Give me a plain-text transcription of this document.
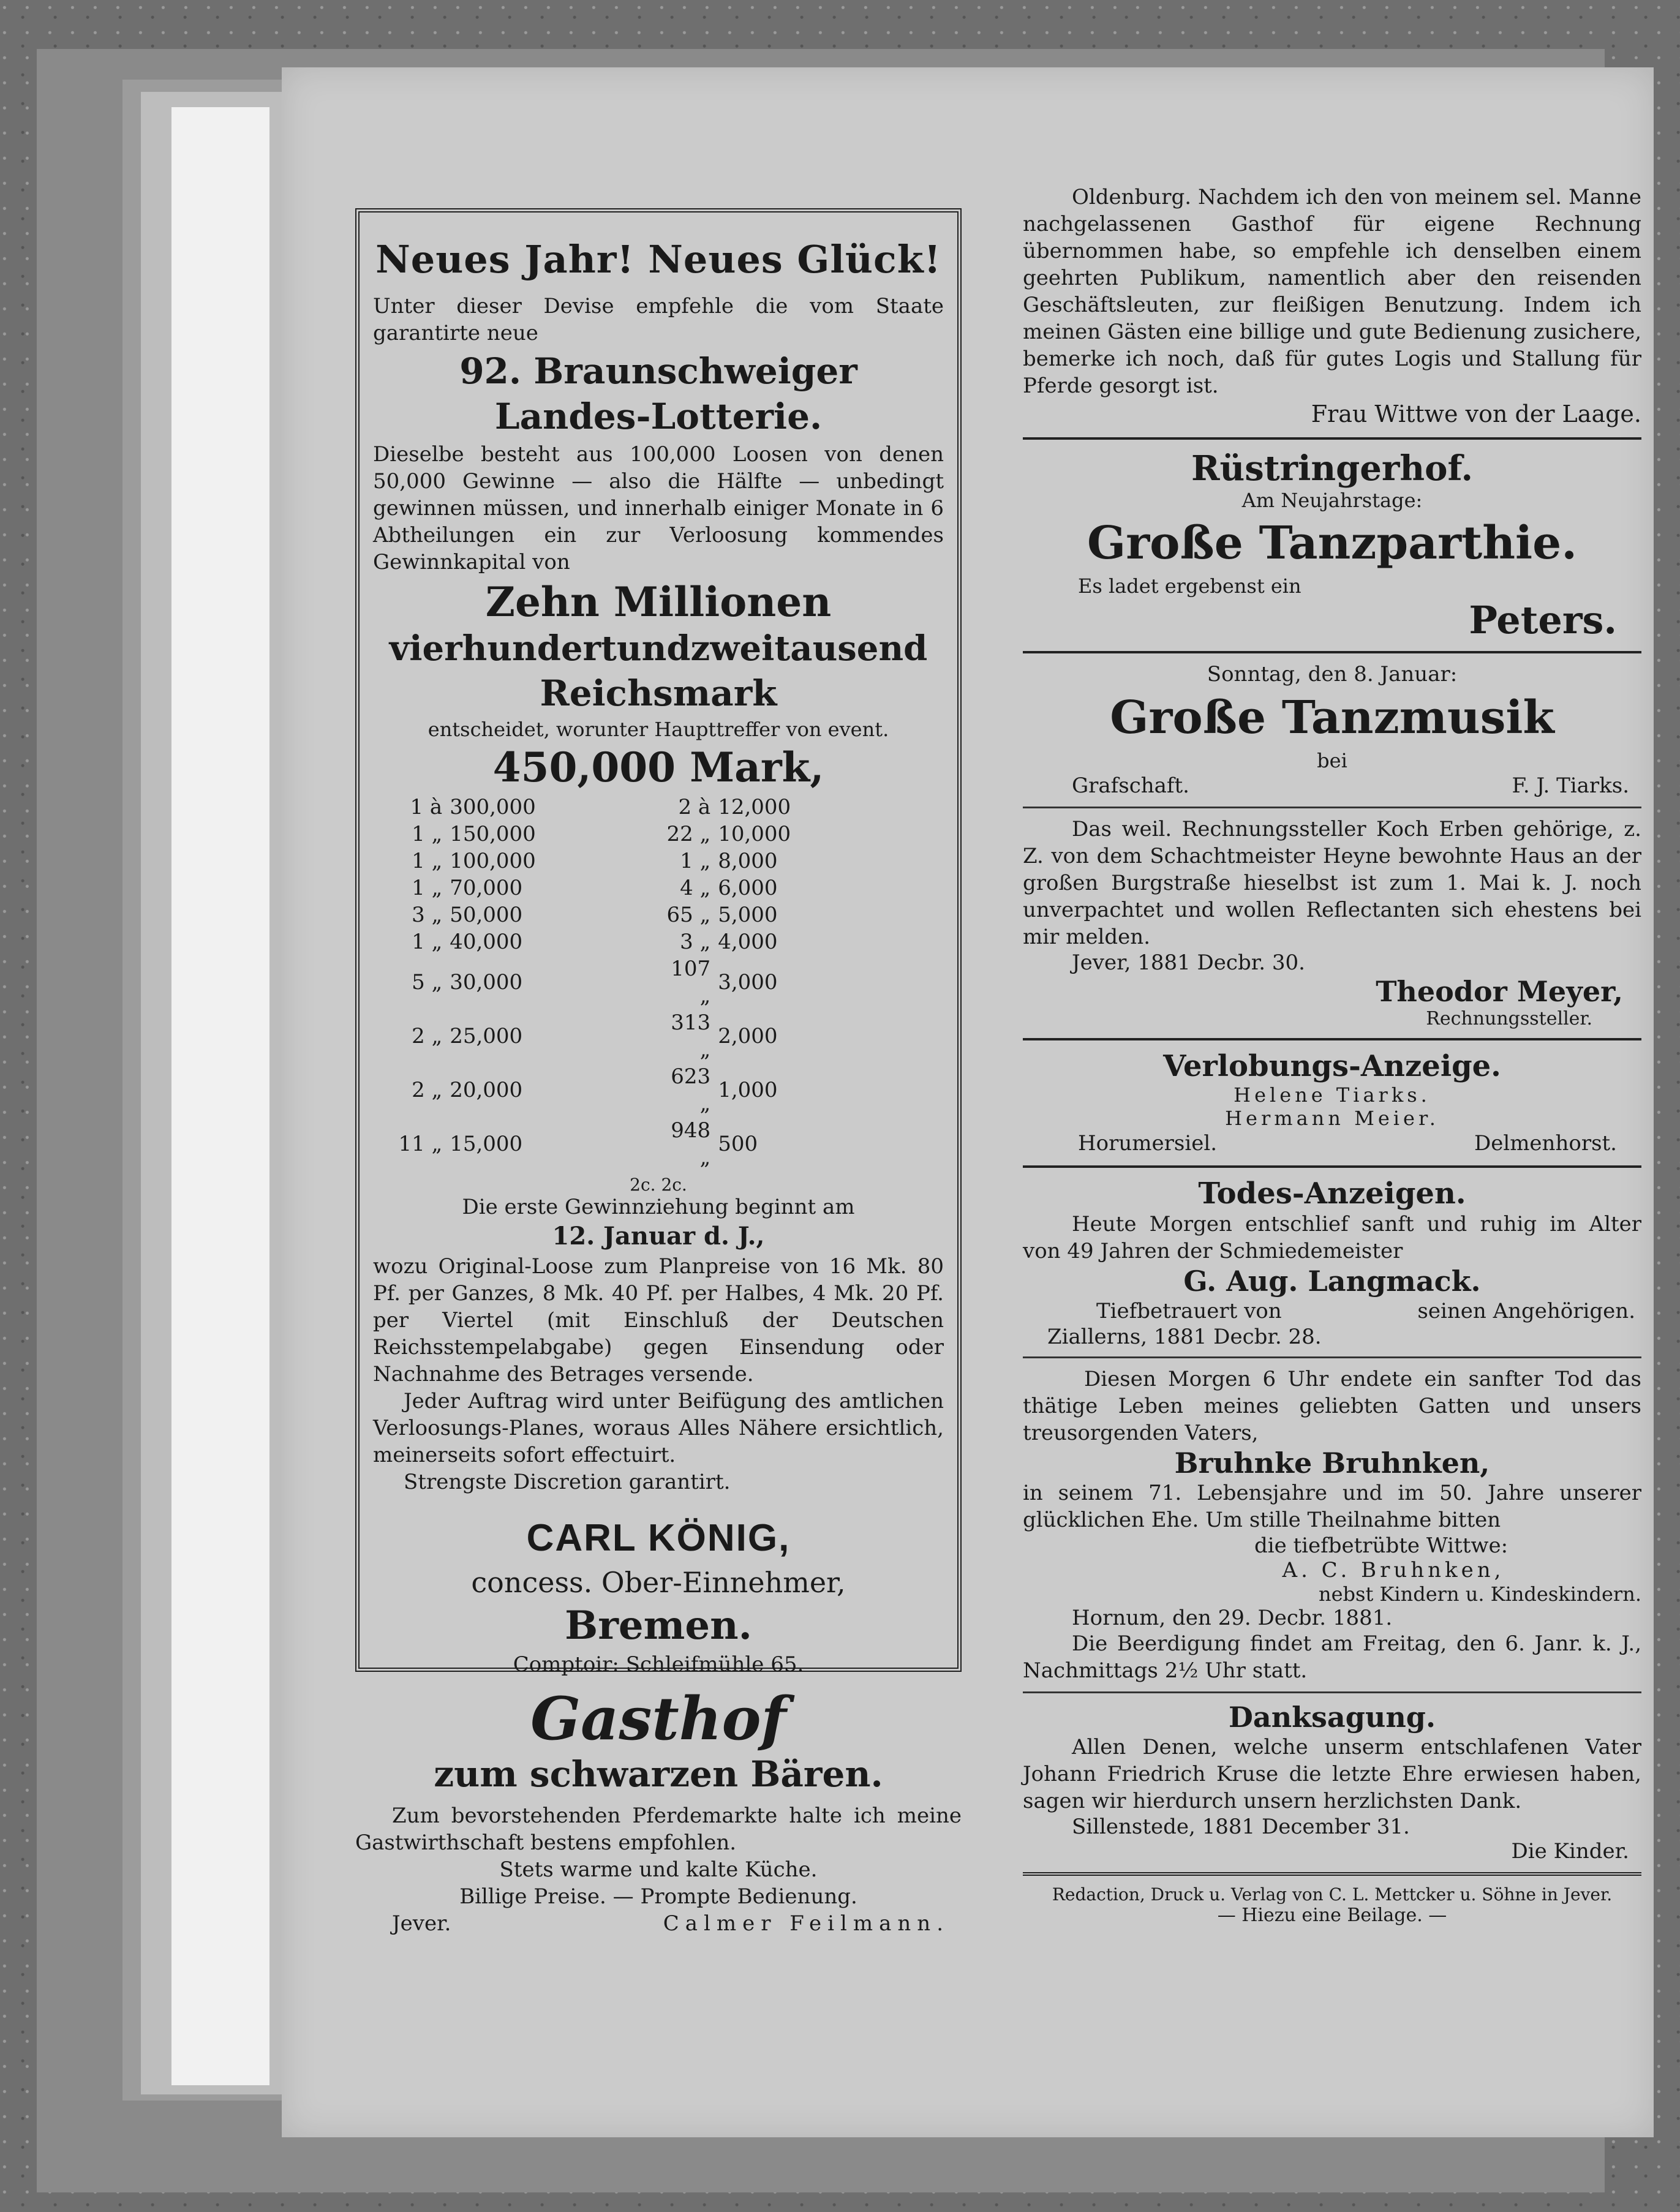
Neues Jahr! Neues Glück!

Unter dieser Devise empfehle die vom Staate garantirte neue

92. Braunschweiger
Landes-Lotterie.

Dieselbe besteht aus 100,000 Loosen von denen 50,000 Gewinne — also die Hälfte — unbedingt gewinnen müssen, und innerhalb einiger Monate in 6 Abtheilungen ein zur Verloosung kommendes Gewinnkapital von

Zehn Millionen
vierhundertundzweitausend
Reichsmark
entscheidet, worunter Haupttreffer von event.
450,000 Mark,
1 à	300,000	2 à	12,000
1 „	150,000	22 „	10,000
1 „	100,000	1 „	8,000
1 „	70,000	4 „	6,000
3 „	50,000	65 „	5,000
1 „	40,000	3 „	4,000
5 „	30,000	107 „	3,000
2 „	25,000	313 „	2,000
2 „	20,000	623 „	1,000
11 „	15,000	948 „	500
2c. 2c.
Die erste Gewinnziehung beginnt am
12. Januar d. J.,

wozu Original-Loose zum Planpreise von 16 Mk. 80 Pf. per Ganzes, 8 Mk. 40 Pf. per Halbes, 4 Mk. 20 Pf. per Viertel (mit Einschluß der Deutschen Reichsstempelabgabe) gegen Einsendung oder Nachnahme des Betrages versende.

Jeder Auftrag wird unter Beifügung des amtlichen Verloosungs-Planes, woraus Alles Nähere ersichtlich, meinerseits sofort effectuirt.

Strengste Discretion garantirt.
CARL KÖNIG,
concess. Ober-Einnehmer,
Bremen.
Comptoir: Schleifmühle 65.
Gasthof
zum schwarzen Bären.

Zum bevorstehenden Pferdemarkte halte ich meine Gastwirthschaft bestens empfohlen.

Stets warme und kalte Küche.
Billige Preise. — Prompte Bedienung.
Jever.	Calmer Feilmann.

Oldenburg. Nachdem ich den von meinem sel. Manne nachgelassenen Gasthof für eigene Rechnung übernommen habe, so empfehle ich denselben einem geehrten Publikum, namentlich aber den reisenden Geschäftsleuten, zur fleißigen Benutzung. Indem ich meinen Gästen eine billige und gute Bedienung zusichere, bemerke ich noch, daß für gutes Logis und Stallung für Pferde gesorgt ist.

Frau Wittwe von der Laage.
Rüstringerhof.
Am Neujahrstage:
Große Tanzparthie.
Es ladet ergebenst ein
Peters.
Sonntag, den 8. Januar:
Große Tanzmusik
bei
Grafschaft.	F. J. Tiarks.

Das weil. Rechnungssteller Koch Erben gehörige, z. Z. von dem Schachtmeister Heyne bewohnte Haus an der großen Burgstraße hieselbst ist zum 1. Mai k. J. noch unverpachtet und wollen Reflectanten sich ehestens bei mir melden.

Jever, 1881 Decbr. 30.
Theodor Meyer,
Rechnungssteller.
Verlobungs-Anzeige.
Helene Tiarks.
Hermann Meier.
Horumersiel.	Delmenhorst.
Todes-Anzeigen.

Heute Morgen entschlief sanft und ruhig im Alter von 49 Jahren der Schmiedemeister

G. Aug. Langmack.
Tiefbetrauert von	seinen Angehörigen.
Ziallerns, 1881 Decbr. 28.

Diesen Morgen 6 Uhr endete ein sanfter Tod das thätige Leben meines geliebten Gatten und unsers treusorgenden Vaters,

Bruhnke Bruhnken,

in seinem 71. Lebensjahre und im 50. Jahre unserer glücklichen Ehe. Um stille Theilnahme bitten

die tiefbetrübte Wittwe:
A. C. Bruhnken,
nebst Kindern u. Kindeskindern.
Hornum, den 29. Decbr. 1881.

Die Beerdigung findet am Freitag, den 6. Janr. k. J., Nachmittags 2½ Uhr statt.

Danksagung.

Allen Denen, welche unserm entschlafenen Vater Johann Friedrich Kruse die letzte Ehre erwiesen haben, sagen wir hierdurch unsern herzlichsten Dank.

Sillenstede, 1881 December 31.
Die Kinder.
Redaction, Druck u. Verlag von C. L. Mettcker u. Söhne in Jever.
— Hiezu eine Beilage. —
